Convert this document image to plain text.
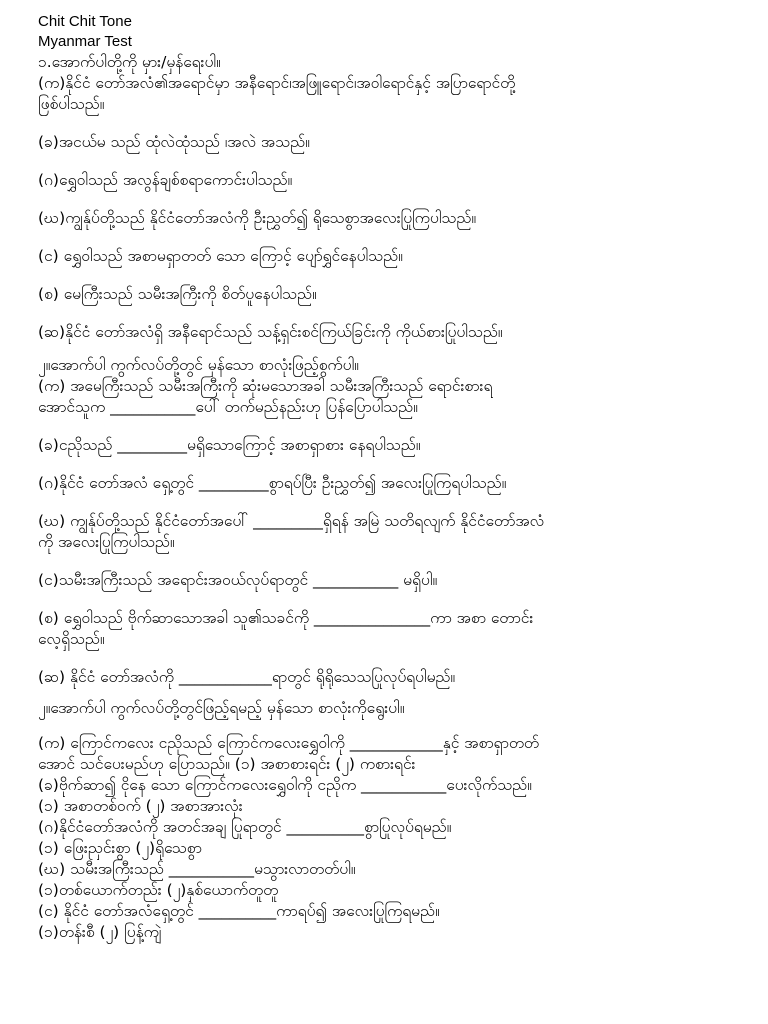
Chit Chit Tone
Myanmar Test
၁.အောက်ပါတို့ကို မှား/မှန်ရေးပါ။
(က)နိုင်ငံ တော်အလံ၏အရောင်မှာ အနီရောင်၊အဖြူရောင်၊အဝါရောင်နှင့် အပြာရောင်တို့
ဖြစ်ပါသည်။
(ခ)အငယ်မ သည် ထုံလဲထုံသည် ၊အလဲ အသည်။
(ဂ)ရွှေဝါသည် အလွန်ချစ်စရာကောင်းပါသည်။
(ဃ)ကျွန်ုပ်တို့သည် နိုင်ငံတော်အလံကို ဦးညွှတ်၍ ရိုသေစွာအလေးပြုကြပါသည်။
(င) ရွှေဝါသည် အစာမရှာတတ် သော ကြောင့် ပျော်ရွှင်နေပါသည်။
(စ) မေကြီးသည် သမီးအကြီးကို စိတ်ပူနေပါသည်။
(ဆ)နိုင်ငံ တော်အလံရှိ အနီရောင်သည် သန့်ရှင်းစင်ကြယ်ခြင်းကို ကိုယ်စားပြုပါသည်။
၂။အောက်ပါ ကွက်လပ်တို့တွင် မှန်သော စာလုံးဖြည့်စွက်ပါ။
(က) အမေကြီးသည် သမီးအကြီးကို ဆုံးမသောအခါ သမီးအကြီးသည် ရောင်းစားရ
အောင်သူက ___________ပေါ် တက်မည်နည်းဟု ပြန်ပြောပါသည်။
(ခ)ငညိုသည် _________မရှိသောကြောင့် အစာရှာစား နေရပါသည်။
(ဂ)နိုင်ငံ တော်အလံ ရှေ့တွင် _________စွာရပ်ပြီး ဦးညွှတ်၍ အလေးပြုကြရပါသည်။
(ဃ) ကျွန်ုပ်တို့သည် နိုင်ငံတော်အပေါ် _________ရှိရန် အမြဲ သတိရလျက် နိုင်ငံတော်အလံ
ကို အလေးပြုကြပါသည်။
(င)သမီးအကြီးသည် အရောင်းအဝယ်လုပ်ရာတွင် ___________ မရှိပါ။
(စ) ရွှေဝါသည် ဗိုက်ဆာသောအခါ သူ၏သခင်ကို _______________ကာ အစာ တောင်း
လေ့ရှိသည်။
(ဆ) နိုင်ငံ တော်အလံကို ____________ရာတွင် ရိုရိုသေသပြုလုပ်ရပါမည်။
၂။အောက်ပါ ကွက်လပ်တို့တွင်ဖြည့်ရမည့် မှန်သော စာလုံးကိုရွေးပါ။
(က) ကြောင်ကလေး ငညိုသည် ကြောင်ကလေးရွှေဝါကို ____________နှင့် အစာရှာတတ်
အောင် သင်ပေးမည်ဟု ပြောသည်။ (၁) အစာစားရင်း (၂) ကစားရင်း
(ခ)ဗိုက်ဆာ၍ ငိုနေ သော ကြောင်ကလေးရွှေဝါကို ငညိုက ___________ပေးလိုက်သည်။
(၁) အစာတစ်ဝက် (၂) အစာအားလုံး
(ဂ)နိုင်ငံတော်အလံကို အတင်အချ ပြုရာတွင် __________စွာပြုလုပ်ရမည်။
(၁) ဖြေးညှင်းစွာ (၂)ရိုသေစွာ
(ဃ) သမီးအကြီးသည် ___________မသွားလာတတ်ပါ။
(၁)တစ်ယောက်တည်း (၂)နှစ်ယောက်တူတူ
(င) နိုင်ငံ တော်အလံရှေ့တွင် __________ကာရပ်၍ အလေးပြုကြရမည်။
(၁)တန်းစီ (၂) ပြန့်ကျဲ
